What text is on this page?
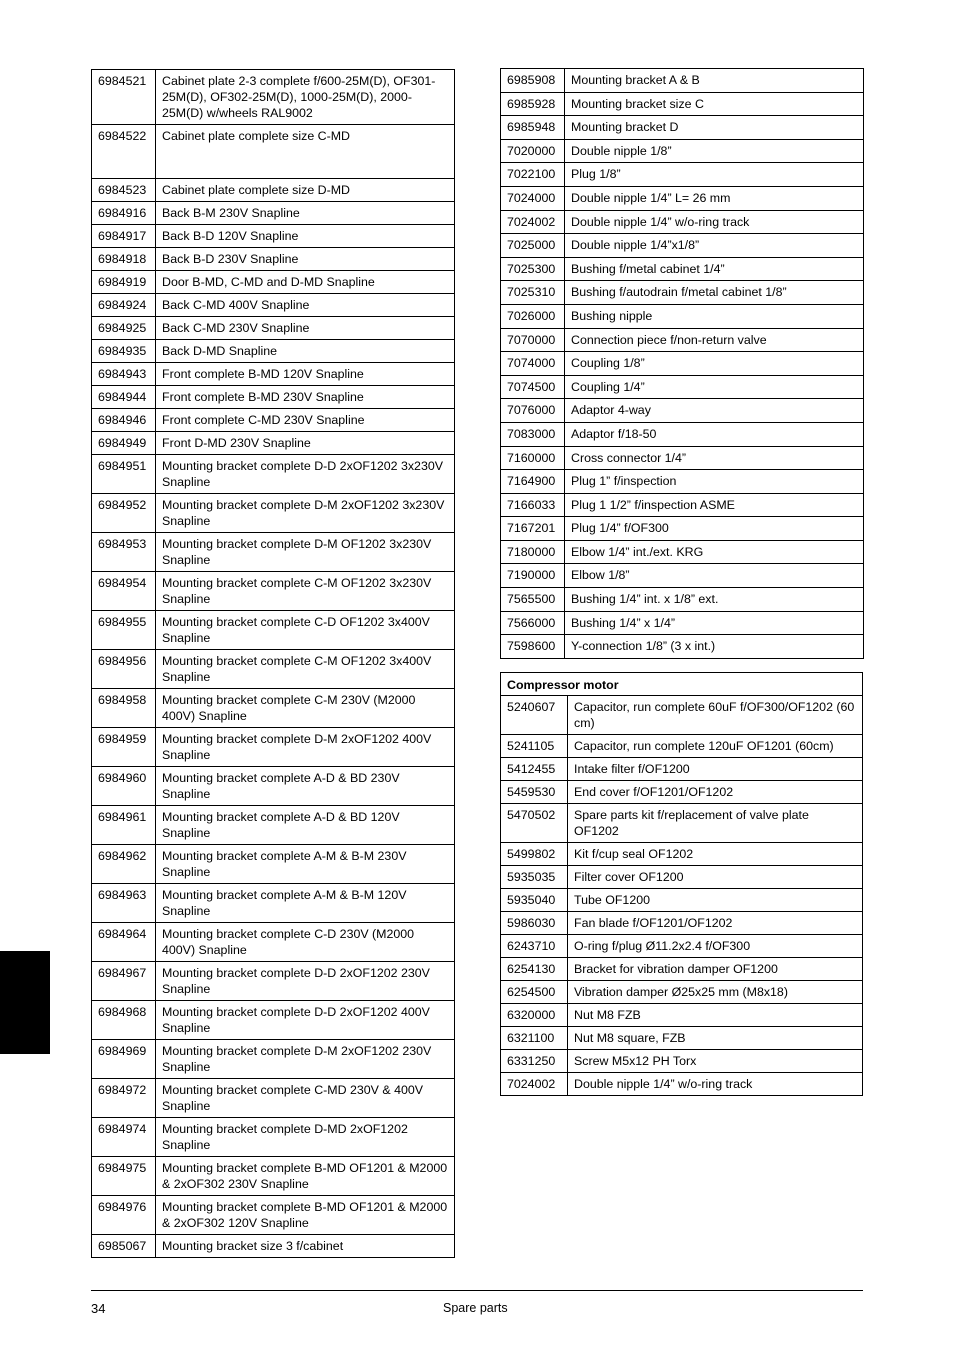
6984521	Cabinet plate 2-3 complete f/600-25M(D), OF301-25M(D), OF302-25M(D), 1000-25M(D), 2000-25M(D) w/wheels RAL9002
6984522	Cabinet plate complete size C-MD
6984523	Cabinet plate complete size D-MD
6984916	Back B-M 230V Snapline
6984917	Back B-D 120V Snapline
6984918	Back B-D 230V Snapline
6984919	Door B-MD, C-MD and D-MD Snapline
6984924	Back C-MD 400V Snapline
6984925	Back C-MD 230V Snapline
6984935	Back D-MD Snapline
6984943	Front complete B-MD 120V Snapline
6984944	Front complete B-MD 230V Snapline
6984946	Front complete C-MD 230V Snapline
6984949	Front D-MD 230V Snapline
6984951	Mounting bracket complete D-D 2xOF1202 3x230V Snapline
6984952	Mounting bracket complete D-M 2xOF1202 3x230V Snapline
6984953	Mounting bracket complete D-M OF1202 3x230V Snapline
6984954	Mounting bracket complete C-M OF1202 3x230V Snapline
6984955	Mounting bracket complete C-D OF1202 3x400V Snapline
6984956	Mounting bracket complete C-M OF1202 3x400V Snapline
6984958	Mounting bracket complete C-M 230V (M2000 400V) Snapline
6984959	Mounting bracket complete D-M 2xOF1202 400V Snapline
6984960	Mounting bracket complete A-D & BD 230V Snapline
6984961	Mounting bracket complete A-D & BD 120V Snapline
6984962	Mounting bracket complete A-M & B-M 230V Snapline
6984963	Mounting bracket complete A-M & B-M 120V Snapline
6984964	Mounting bracket complete C-D 230V (M2000 400V) Snapline
6984967	Mounting bracket complete D-D 2xOF1202 230V Snapline
6984968	Mounting bracket complete D-D 2xOF1202 400V Snapline
6984969	Mounting bracket complete D-M 2xOF1202 230V Snapline
6984972	Mounting bracket complete C-MD 230V & 400V Snapline
6984974	Mounting bracket complete D-MD 2xOF1202 Snapline
6984975	Mounting bracket complete B-MD OF1201 & M2000 & 2xOF302 230V Snapline
6984976	Mounting bracket complete B-MD OF1201 & M2000 & 2xOF302 120V Snapline
6985067	Mounting bracket size 3 f/cabinet
6985908	Mounting bracket A & B
6985928	Mounting bracket size C
6985948	Mounting bracket D
7020000	Double nipple 1/8”
7022100	Plug 1/8”
7024000	Double nipple 1/4” L= 26 mm
7024002	Double nipple 1/4” w/o-ring track
7025000	Double nipple 1/4”x1/8”
7025300	Bushing f/metal cabinet 1/4”
7025310	Bushing f/autodrain f/metal cabinet 1/8”
7026000	Bushing nipple
7070000	Connection piece f/non-return valve
7074000	Coupling 1/8”
7074500	Coupling 1/4”
7076000	Adaptor 4-way
7083000	Adaptor f/18-50
7160000	Cross connector 1/4”
7164900	Plug 1” f/inspection
7166033	Plug 1 1/2” f/inspection ASME
7167201	Plug 1/4” f/OF300
7180000	Elbow 1/4” int./ext. KRG
7190000	Elbow 1/8”
7565500	Bushing 1/4” int. x 1/8” ext.
7566000	Bushing 1/4” x 1/4”
7598600	Y-connection 1/8” (3 x int.)
Compressor motor	
5240607	Capacitor, run complete 60uF f/OF300/OF1202 (60 cm)
5241105	Capacitor, run complete 120uF OF1201 (60cm)
5412455	Intake filter f/OF1200
5459530	End cover f/OF1201/OF1202
5470502	Spare parts kit f/replacement of valve plate OF1202
5499802	Kit f/cup seal OF1202
5935035	Filter cover OF1200
5935040	Tube OF1200
5986030	Fan blade f/OF1201/OF1202
6243710	O-ring f/plug Ø11.2x2.4 f/OF300
6254130	Bracket for vibration damper OF1200
6254500	Vibration damper Ø25x25 mm (M8x18)
6320000	Nut M8 FZB
6321100	Nut M8 square, FZB
6331250	Screw M5x12 PH Torx
7024002	Double nipple 1/4” w/o-ring track
34	Spare parts
